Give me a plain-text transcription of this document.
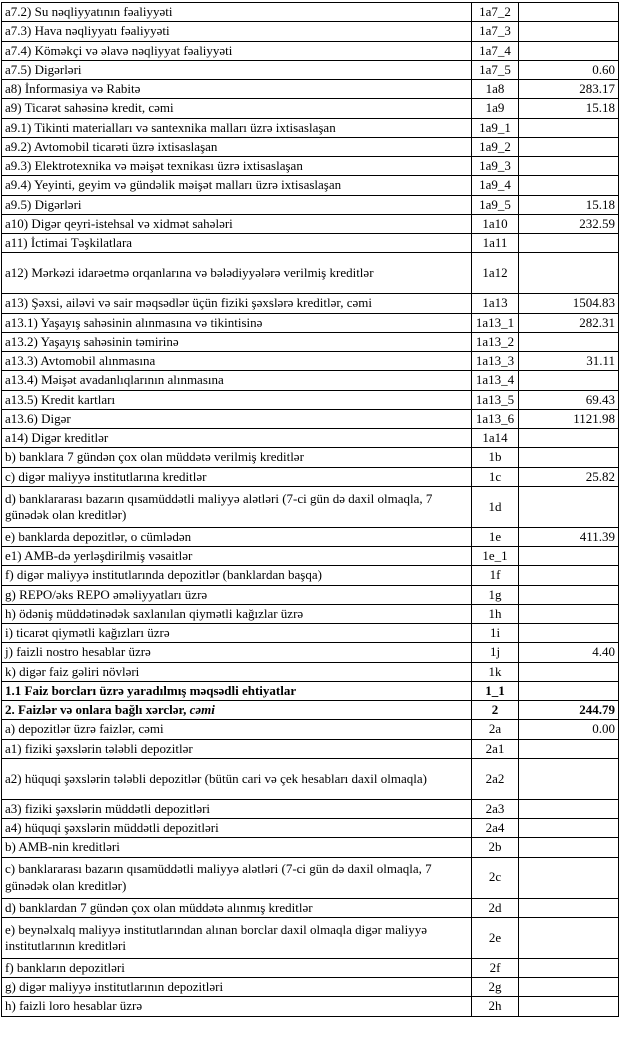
a7.2) Su nəqliyyatının fəaliyyəti	1a7_2	
a7.3) Hava nəqliyyatı fəaliyyəti	1a7_3	
a7.4) Köməkçi və əlavə nəqliyyat fəaliyyəti	1a7_4	
a7.5) Digərləri	1a7_5	0.60
a8) İnformasiya və Rabitə	1a8	283.17
a9) Ticarət sahəsinə kredit, cəmi	1a9	15.18
a9.1) Tikinti materialları və santexnika malları üzrə ixtisaslaşan	1a9_1	
a9.2) Avtomobil ticarəti üzrə ixtisaslaşan	1a9_2	
a9.3) Elektrotexnika və məişət texnikası üzrə ixtisaslaşan	1a9_3	
a9.4) Yeyinti, geyim və gündəlik məişət malları üzrə ixtisaslaşan	1a9_4	
a9.5) Digərləri	1a9_5	15.18
a10) Digər qeyri-istehsal və xidmət sahələri	1a10	232.59
a11) İctimai Təşkilatlara	1a11	
a12) Mərkəzi idarəetmə orqanlarına və bələdiyyələrə verilmiş kreditlər	1a12	
a13) Şəxsi, ailəvi və sair məqsədlər üçün fiziki şəxslərə kreditlər, cəmi	1a13	1504.83
a13.1) Yaşayış sahəsinin alınmasına və tikintisinə	1a13_1	282.31
a13.2) Yaşayış sahəsinin təmirinə	1a13_2	
a13.3) Avtomobil alınmasına	1a13_3	31.11
a13.4) Məişət avadanlıqlarının alınmasına	1a13_4	
a13.5) Kredit kartları	1a13_5	69.43
a13.6) Digər	1a13_6	1121.98
a14) Digər kreditlər	1a14	
b) banklara 7 gündən çox olan müddətə verilmiş kreditlər	1b	
c) digər maliyyə institutlarına kreditlər	1c	25.82
d) banklararası bazarın qısamüddətli maliyyə alətləri (7-ci gün də daxil olmaqla, 7 günədək olan kreditlər)	1d	
e) banklarda depozitlər, o cümlədən	1e	411.39
e1) AMB-də yerləşdirilmiş vəsaitlər	1e_1	
f) digər maliyyə institutlarında depozitlər (banklardan başqa)	1f	
g) REPO/əks REPO əməliyyatları üzrə	1g	
h) ödəniş müddətinədək saxlanılan qiymətli kağızlar üzrə	1h	
i) ticarət qiymətli kağızları üzrə	1i	
j) faizli nostro hesablar üzrə	1j	4.40
k) digər faiz gəliri növləri	1k	
1.1 Faiz borcları üzrə yaradılmış məqsədli ehtiyatlar	1_1	
2. Faizlər və onlara bağlı xərclər, cəmi	2	244.79
a) depozitlər üzrə faizlər, cəmi	2a	0.00
a1) fiziki şəxslərin tələbli depozitlər	2a1	
a2) hüquqi şəxslərin tələbli depozitlər (bütün cari və çek hesabları daxil olmaqla)	2a2	
a3) fiziki şəxslərin müddətli depozitləri	2a3	
a4) hüquqi şəxslərin müddətli depozitləri	2a4	
b) AMB-nin kreditləri	2b	
c) banklararası bazarın qısamüddətli maliyyə alətləri (7-ci gün də daxil olmaqla, 7 günədək olan kreditlər)	2c	
d) banklardan 7 gündən çox olan müddətə alınmış kreditlər	2d	
e) beynəlxalq maliyyə institutlarından alınan borclar daxil olmaqla digər maliyyə institutlarının kreditləri	2e	
f) bankların depozitləri	2f	
g) digər maliyyə institutlarının depozitləri	2g	
h) faizli loro hesablar üzrə	2h	
